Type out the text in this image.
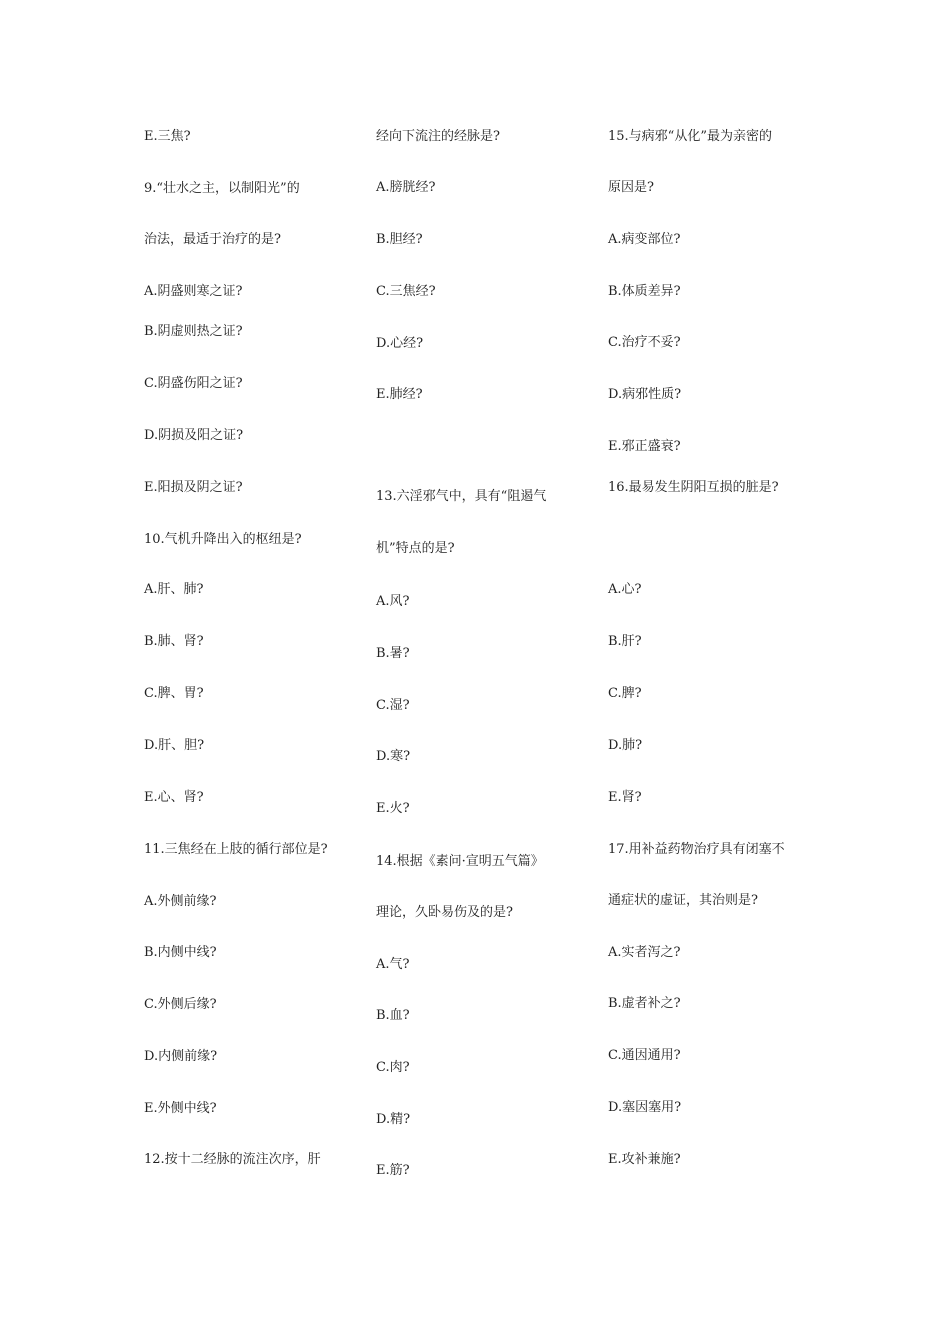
E.三焦?
9.“壮水之主，以制阳光”的
治法，最适于治疗的是?
A.阴盛则寒之证?
B.阴虚则热之证?
C.阴盛伤阳之证?
D.阴损及阳之证?
E.阳损及阴之证?
10.气机升降出入的枢纽是?
A.肝、肺?
B.肺、肾?
C.脾、胃?
D.肝、胆?
E.心、肾?
11.三焦经在上肢的循行部位是?
A.外侧前缘?
B.内侧中线?
C.外侧后缘?
D.内侧前缘?
E.外侧中线?
12.按十二经脉的流注次序，肝
经向下流注的经脉是?
A.膀胱经?
B.胆经?
C.三焦经?
D.心经?
E.肺经?
13.六淫邪气中，具有“阻遏气
机”特点的是?
A.风?
B.暑?
C.湿?
D.寒?
E.火?
14.根据《素问·宣明五气篇》
理论，久卧易伤及的是?
A.气?
B.血?
C.肉?
D.精?
E.筋?
15.与病邪“从化”最为亲密的
原因是?
A.病变部位?
B.体质差异?
C.治疗不妥?
D.病邪性质?
E.邪正盛衰?
16.最易发生阴阳互损的脏是?
A.心?
B.肝?
C.脾?
D.肺?
E.肾?
17.用补益药物治疗具有闭塞不
通症状的虚证，其治则是?
A.实者泻之?
B.虚者补之?
C.通因通用?
D.塞因塞用?
E.攻补兼施?
